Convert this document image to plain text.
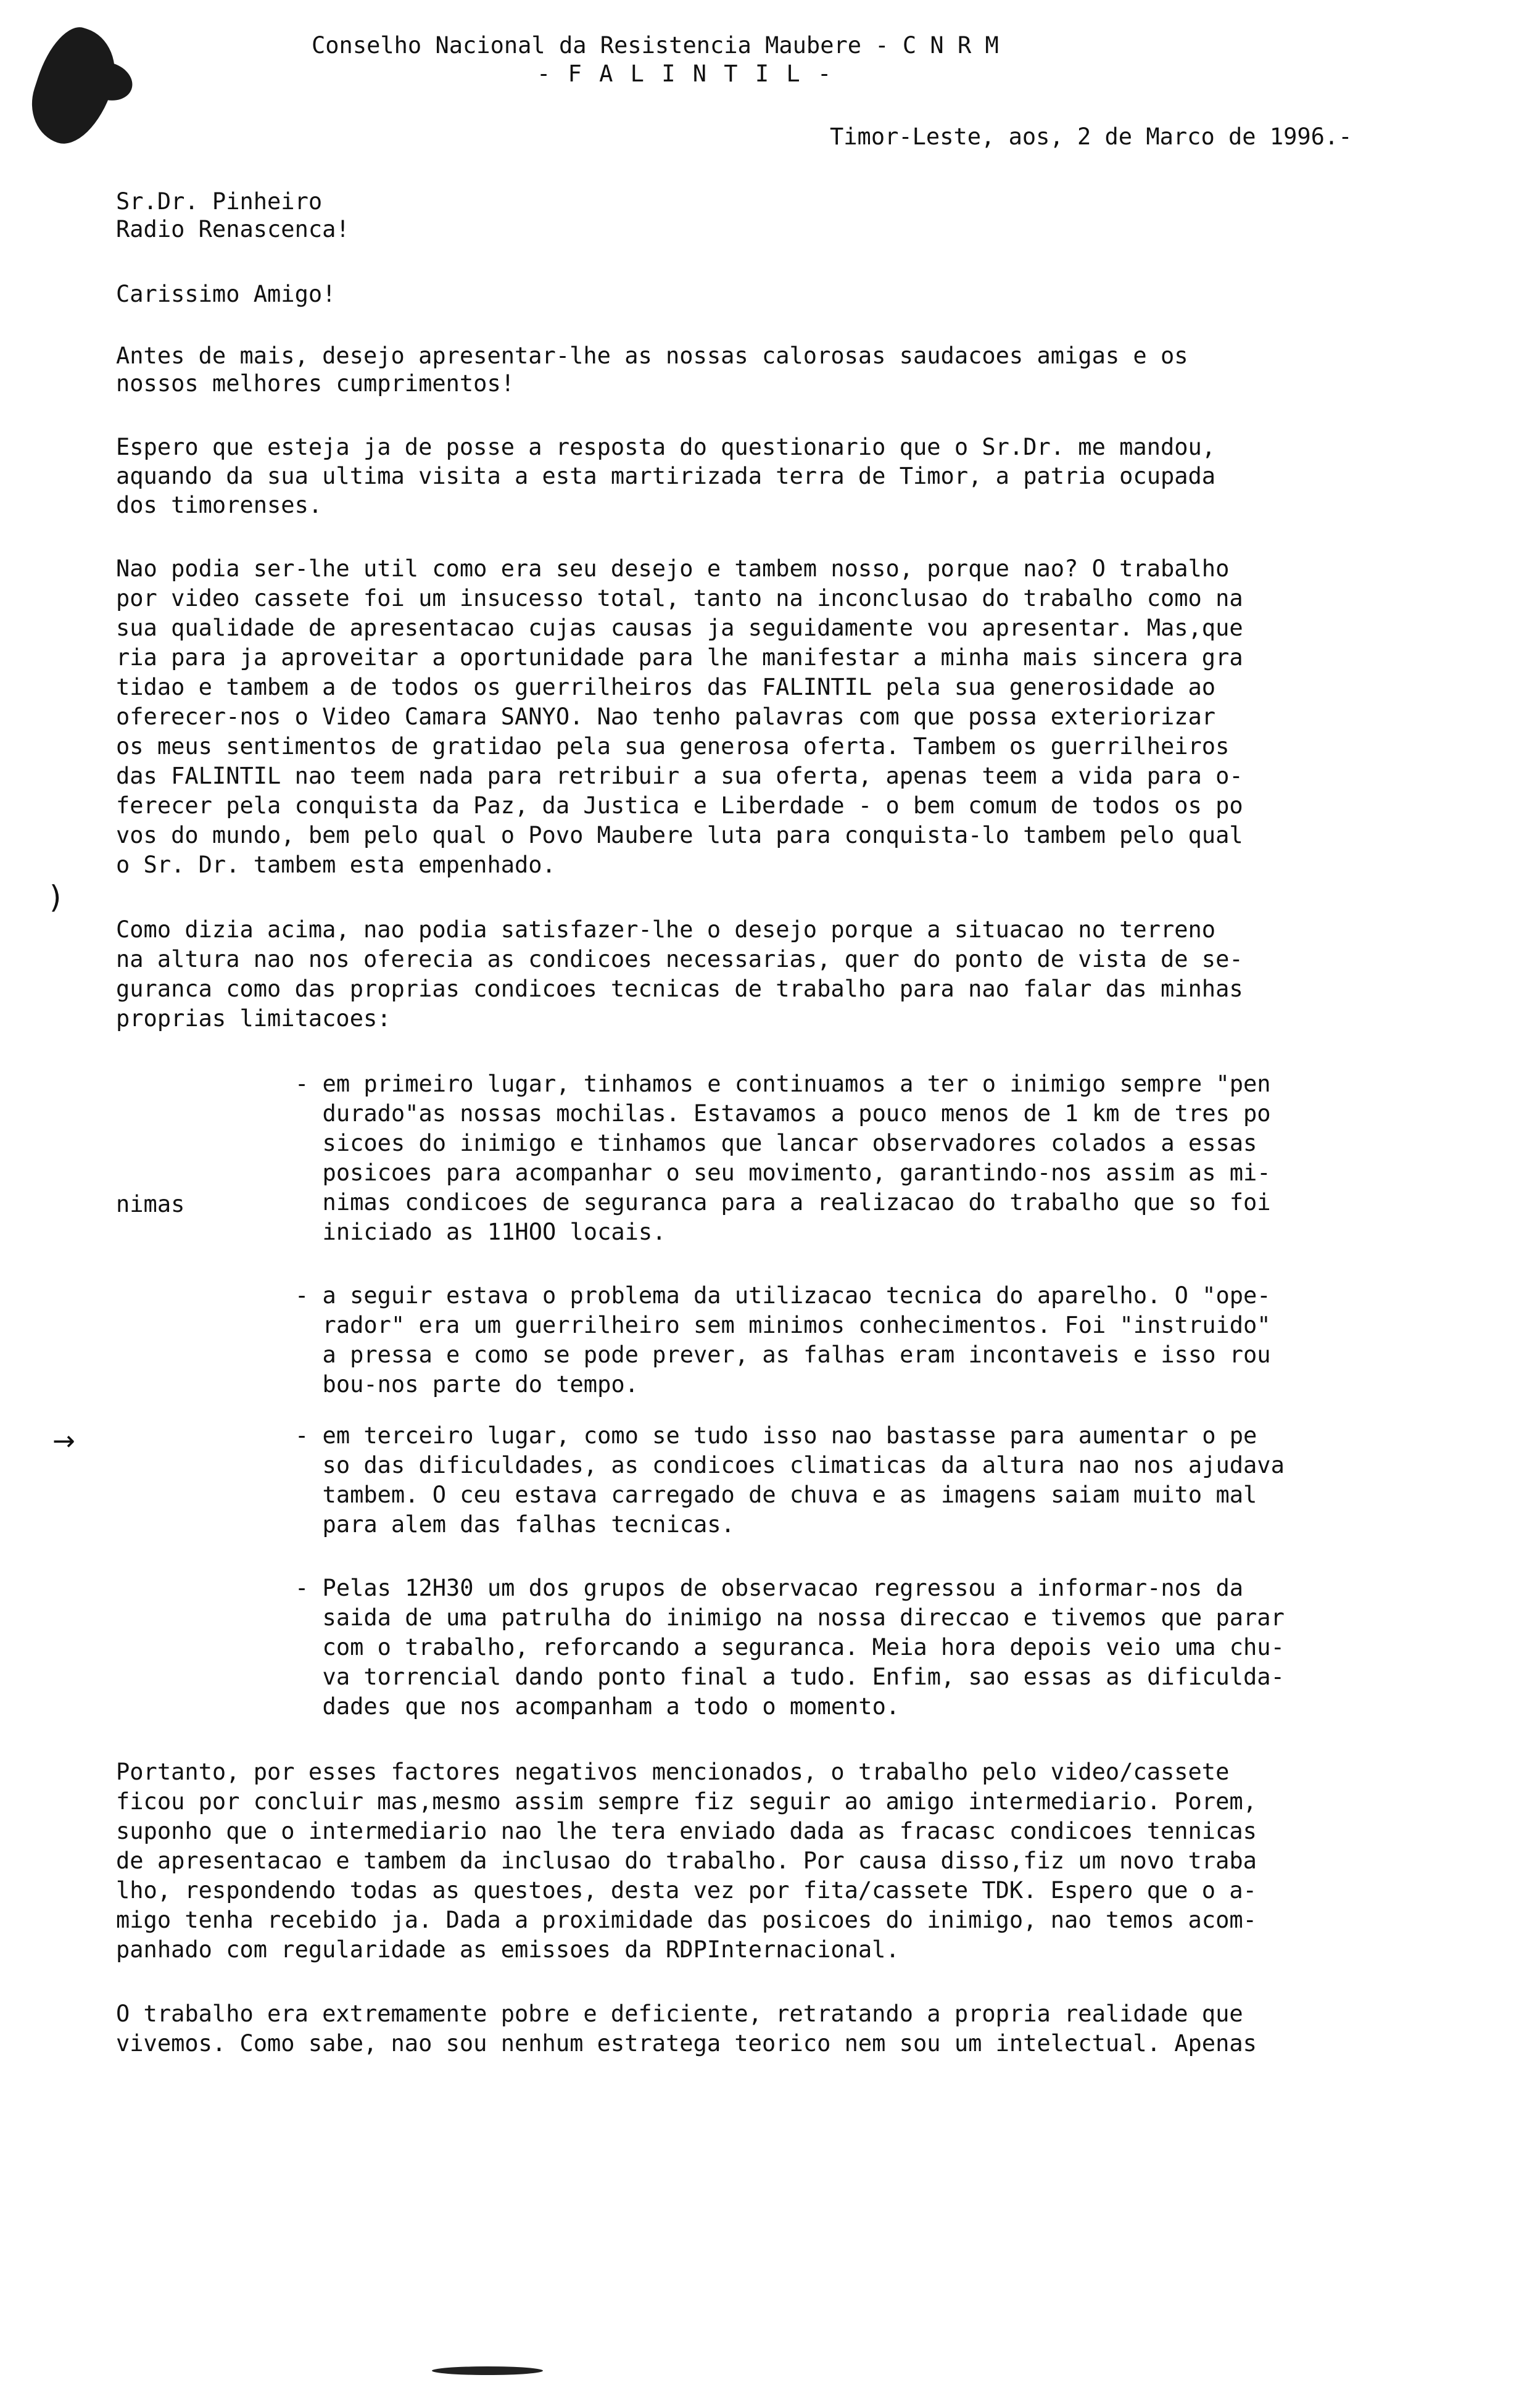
Conselho Nacional da Resistencia Maubere - C N R M
- F A L I N T I L -
Timor-Leste, aos, 2 de Marco de 1996.-
Sr.Dr. Pinheiro
Radio Renascenca!
Carissimo Amigo!
Antes de mais, desejo apresentar-lhe as nossas calorosas saudacoes amigas e os
nossos melhores cumprimentos!
Espero que esteja ja de posse a resposta do questionario que o Sr.Dr. me mandou,
aquando da sua ultima visita a esta martirizada terra de Timor, a patria ocupada
dos timorenses.
Nao podia ser-lhe util como era seu desejo e tambem nosso, porque nao? O trabalho
por video cassete foi um insucesso total, tanto na inconclusao do trabalho como na
sua qualidade de apresentacao cujas causas ja seguidamente vou apresentar. Mas,que
ria para ja aproveitar a oportunidade para lhe manifestar a minha mais sincera gra
tidao e tambem a de todos os guerrilheiros das FALINTIL pela sua generosidade ao
oferecer-nos o Video Camara SANYO. Nao tenho palavras com que possa exteriorizar
os meus sentimentos de gratidao pela sua generosa oferta. Tambem os guerrilheiros
das FALINTIL nao teem nada para retribuir a sua oferta, apenas teem a vida para o-
ferecer pela conquista da Paz, da Justica e Liberdade - o bem comum de todos os po
vos do mundo, bem pelo qual o Povo Maubere luta para conquista-lo tambem pelo qual
o Sr. Dr. tambem esta empenhado.
)
Como dizia acima, nao podia satisfazer-lhe o desejo porque a situacao no terreno
na altura nao nos oferecia as condicoes necessarias, quer do ponto de vista de se-
guranca como das proprias condicoes tecnicas de trabalho para nao falar das minhas
proprias limitacoes:
nimas
- em primeiro lugar, tinhamos e continuamos a ter o inimigo sempre "pen
durado"as nossas mochilas. Estavamos a pouco menos de 1 km de tres po
sicoes do inimigo e tinhamos que lancar observadores colados a essas
posicoes para acompanhar o seu movimento, garantindo-nos assim as mi-
nimas condicoes de seguranca para a realizacao do trabalho que so foi
iniciado as 11HOO locais.
- a seguir estava o problema da utilizacao tecnica do aparelho. O "ope-
rador" era um guerrilheiro sem minimos conhecimentos. Foi "instruido"
a pressa e como se pode prever, as falhas eram incontaveis e isso rou
bou-nos parte do tempo.
→	- em terceiro lugar, como se tudo isso nao bastasse para aumentar o pe
so das dificuldades, as condicoes climaticas da altura nao nos ajudava
tambem. O ceu estava carregado de chuva e as imagens saiam muito mal
para alem das falhas tecnicas.
- Pelas 12H30 um dos grupos de observacao regressou a informar-nos da
saida de uma patrulha do inimigo na nossa direccao e tivemos que parar
com o trabalho, reforcando a seguranca. Meia hora depois veio uma chu-
va torrencial dando ponto final a tudo. Enfim, sao essas as dificulda-
dades que nos acompanham a todo o momento.
Portanto, por esses factores negativos mencionados, o trabalho pelo video/cassete
ficou por concluir mas,mesmo assim sempre fiz seguir ao amigo intermediario. Porem,
suponho que o intermediario nao lhe tera enviado dada as fracasc condicoes tennicas
de apresentacao e tambem da inclusao do trabalho. Por causa disso,fiz um novo traba
lho, respondendo todas as questoes, desta vez por fita/cassete TDK. Espero que o a-
migo tenha recebido ja. Dada a proximidade das posicoes do inimigo, nao temos acom-
panhado com regularidade as emissoes da RDPInternacional.
O trabalho era extremamente pobre e deficiente, retratando a propria realidade que
vivemos. Como sabe, nao sou nenhum estratega teorico nem sou um intelectual. Apenas
